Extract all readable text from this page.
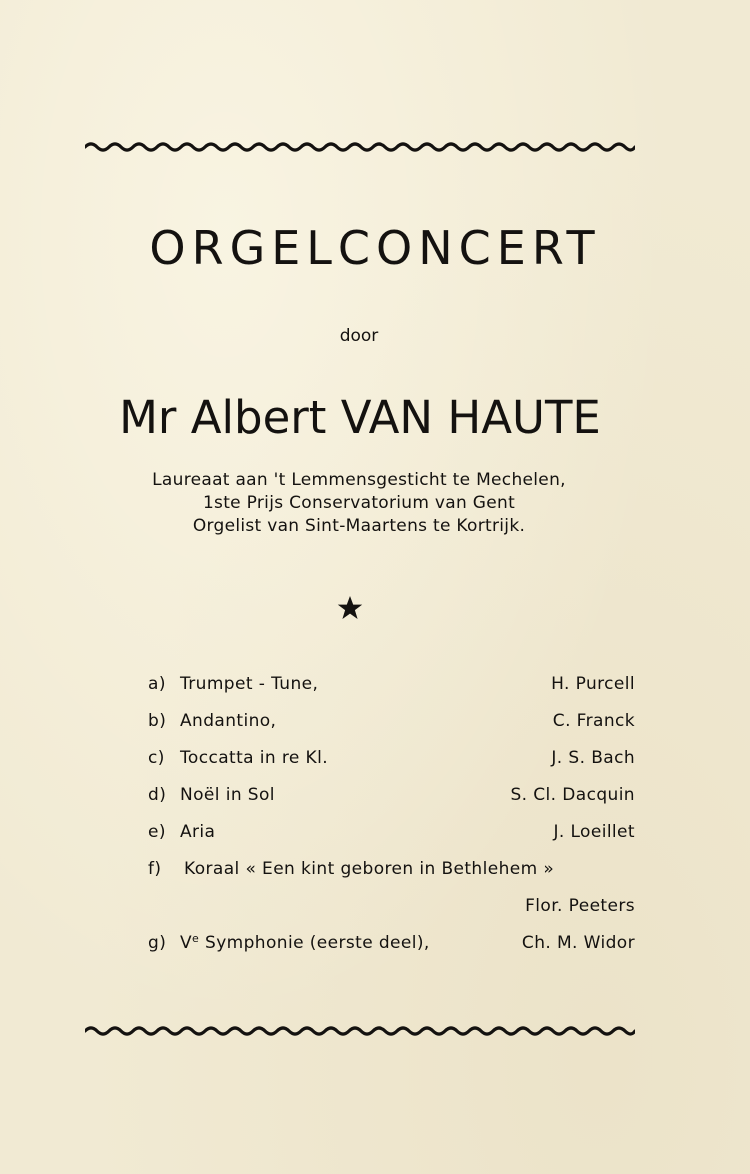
ORGELCONCERT
door
Mr Albert VAN HAUTE
Laureaat aan 't Lemmensgesticht te Mechelen,
1ste Prijs Conservatorium van Gent
Orgelist van Sint-Maartens te Kortrijk.
a) Trumpet - Tune,	H. Purcell
b) Andantino,	C. Franck
c) Toccatta in re Kl.	J. S. Bach
d) Noël in Sol	S. Cl. Dacquin
e) Aria	J. Loeillet
f)	Koraal « Een kint geboren in Bethlehem »
Flor. Peeters
g) Ve Symphonie (eerste deel),	Ch. M. Widor
